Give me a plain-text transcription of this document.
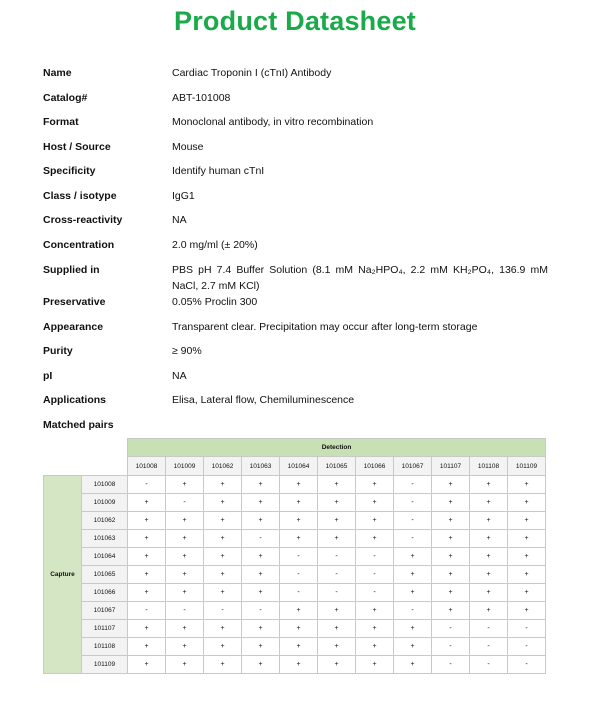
Product Datasheet
Name	Cardiac Troponin I (cTnI) Antibody
Catalog#	ABT-101008
Format	Monoclonal antibody, in vitro recombination
Host / Source	Mouse
Specificity	Identify human cTnI
Class / isotype	IgG1
Cross-reactivity	NA
Concentration	2.0 mg/ml (± 20%)
Supplied in	PBS pH 7.4 Buffer Solution (8.1 mM Na₂HPO₄, 2.2 mM KH₂PO₄, 136.9 mM NaCl, 2.7 mM KCl)
Preservative	0.05% Proclin 300
Appearance	Transparent clear. Precipitation may occur after long-term storage
Purity	≥ 90%
pI	NA
Applications	Elisa, Lateral flow, Chemiluminescence
Matched pairs
		Detection										
		101008	101009	101062	101063	101064	101065	101066	101067	101107	101108	101109
Capture	101008	-	+	+	+	+	+	+	-	+	+	+
	101009	+	-	+	+	+	+	+	-	+	+	+
	101062	+	+	+	+	+	+	+	-	+	+	+
	101063	+	+	+	-	+	+	+	-	+	+	+
	101064	+	+	+	+	-	-	-	+	+	+	+
	101065	+	+	+	+	-	-	-	+	+	+	+
	101066	+	+	+	+	-	-	-	+	+	+	+
	101067	-	-	-	-	+	+	+	-	+	+	+
	101107	+	+	+	+	+	+	+	+	-	-	-
	101108	+	+	+	+	+	+	+	+	-	-	-
	101109	+	+	+	+	+	+	+	+	-	-	-
